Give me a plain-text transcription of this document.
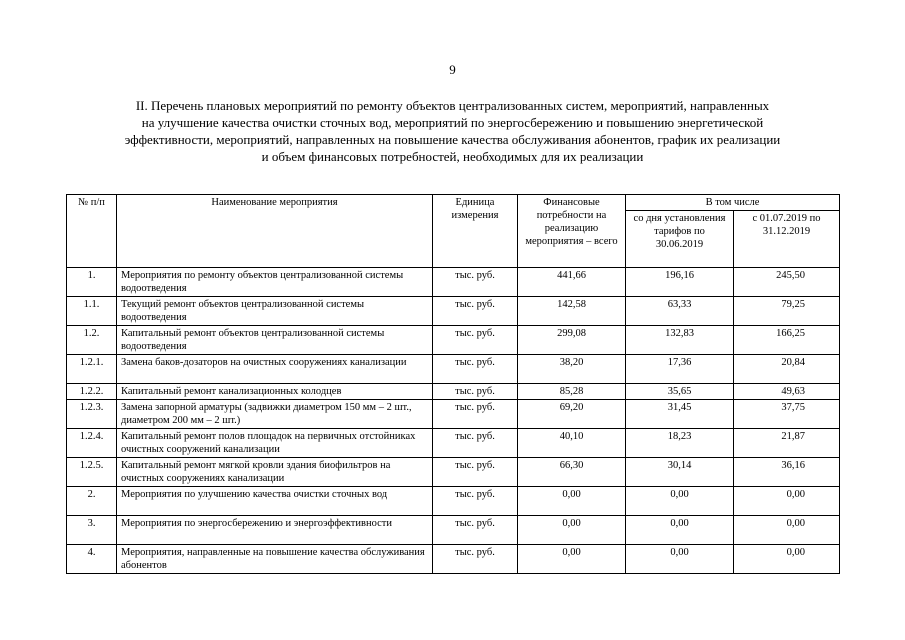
9
II. Перечень плановых мероприятий по ремонту объектов централизованных систем, мероприятий, направленных
на улучшение качества очистки сточных вод, мероприятий по энергосбережению и повышению энергетической
эффективности, мероприятий, направленных на повышение качества обслуживания абонентов, график их реализации
и объем финансовых потребностей, необходимых для их реализации
№ п/п	Наименование мероприятия	Единица измерения	Финансовые потребности на реализацию мероприятия – всего	В том числе	
				со дня установления тарифов по 30.06.2019	с 01.07.2019 по 31.12.2019
1.	Мероприятия по ремонту объектов централизованной системы водоотведения	тыс. руб.	441,66	196,16	245,50
1.1.	Текущий ремонт объектов централизованной системы водоотведения	тыс. руб.	142,58	63,33	79,25
1.2.	Капитальный ремонт объектов централизованной системы водоотведения	тыс. руб.	299,08	132,83	166,25
1.2.1.	Замена баков-дозаторов на очистных сооружениях канализации	тыс. руб.	38,20	17,36	20,84
1.2.2.	Капитальный ремонт канализационных колодцев	тыс. руб.	85,28	35,65	49,63
1.2.3.	Замена запорной арматуры (задвижки диаметром 150 мм – 2 шт., диаметром 200 мм – 2 шт.)	тыс. руб.	69,20	31,45	37,75
1.2.4.	Капитальный ремонт полов площадок на первичных отстойниках очистных сооружений канализации	тыс. руб.	40,10	18,23	21,87
1.2.5.	Капитальный ремонт мягкой кровли здания биофильтров на очистных сооружениях канализации	тыс. руб.	66,30	30,14	36,16
2.	Мероприятия по улучшению качества очистки сточных вод	тыс. руб.	0,00	0,00	0,00
3.	Мероприятия по энергосбережению и энергоэффективности	тыс. руб.	0,00	0,00	0,00
4.	Мероприятия, направленные на повышение качества обслуживания абонентов	тыс. руб.	0,00	0,00	0,00
